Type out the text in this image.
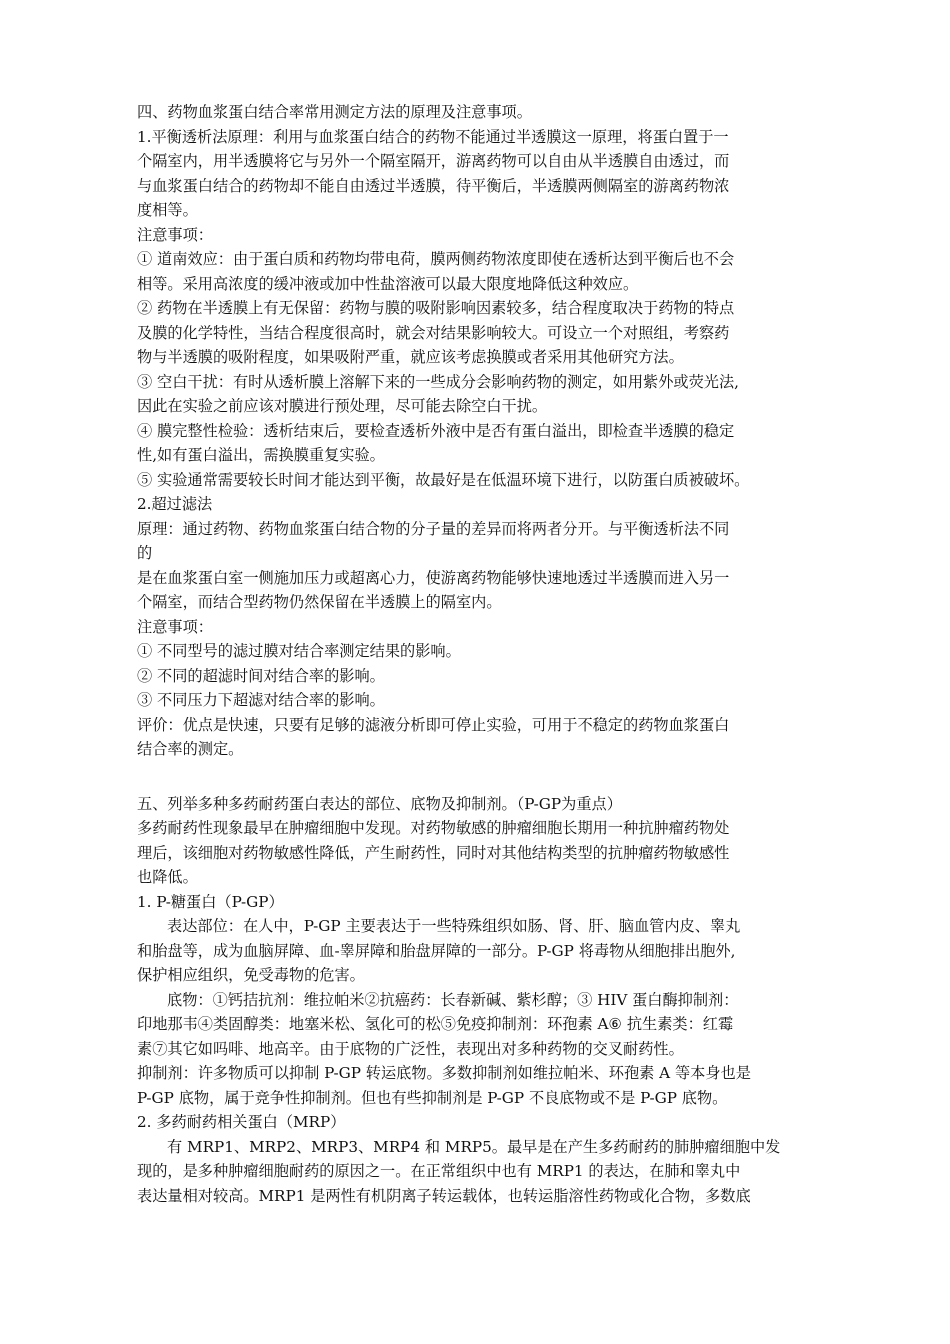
四、药物血浆蛋白结合率常用测定方法的原理及注意事项。
1.平衡透析法原理：利用与血浆蛋白结合的药物不能通过半透膜这一原理，将蛋白置于一
个隔室内，用半透膜将它与另外一个隔室隔开，游离药物可以自由从半透膜自由透过，而
与血浆蛋白结合的药物却不能自由透过半透膜，待平衡后，半透膜两侧隔室的游离药物浓
度相等。
注意事项：
① 道南效应：由于蛋白质和药物均带电荷，膜两侧药物浓度即使在透析达到平衡后也不会
相等。采用高浓度的缓冲液或加中性盐溶液可以最大限度地降低这种效应。
② 药物在半透膜上有无保留：药物与膜的吸附影响因素较多，结合程度取决于药物的特点
及膜的化学特性，当结合程度很高时，就会对结果影响较大。可设立一个对照组，考察药
物与半透膜的吸附程度，如果吸附严重，就应该考虑换膜或者采用其他研究方法。
③ 空白干扰：有时从透析膜上溶解下来的一些成分会影响药物的测定，如用紫外或荧光法,
因此在实验之前应该对膜进行预处理，尽可能去除空白干扰。
④ 膜完整性检验：透析结束后，要检查透析外液中是否有蛋白溢出，即检查半透膜的稳定
性,如有蛋白溢出，需换膜重复实验。
⑤ 实验通常需要较长时间才能达到平衡，故最好是在低温环境下进行，以防蛋白质被破坏。
2.超过滤法
原理：通过药物、药物血浆蛋白结合物的分子量的差异而将两者分开。与平衡透析法不同
的
是在血浆蛋白室一侧施加压力或超离心力，使游离药物能够快速地透过半透膜而进入另一
个隔室，而结合型药物仍然保留在半透膜上的隔室内。
注意事项：
① 不同型号的滤过膜对结合率测定结果的影响。
② 不同的超滤时间对结合率的影响。
③ 不同压力下超滤对结合率的影响。
评价：优点是快速，只要有足够的滤液分析即可停止实验，可用于不稳定的药物血浆蛋白
结合率的测定。
五、列举多种多药耐药蛋白表达的部位、底物及抑制剂。（P-GP为重点）
多药耐药性现象最早在肿瘤细胞中发现。对药物敏感的肿瘤细胞长期用一种抗肿瘤药物处
理后，该细胞对药物敏感性降低，产生耐药性，同时对其他结构类型的抗肿瘤药物敏感性
也降低。
1. P-糖蛋白（P-GP）
表达部位：在人中，P-GP 主要表达于一些特殊组织如肠、肾、肝、脑血管内皮、睾丸
和胎盘等，成为血脑屏障、血-睾屏障和胎盘屏障的一部分。P-GP 将毒物从细胞排出胞外,
保护相应组织，免受毒物的危害。
底物：①钙拮抗剂：维拉帕米②抗癌药：长春新碱、紫杉醇；③ HIV 蛋白酶抑制剂：
印地那韦④类固醇类：地塞米松、氢化可的松⑤免疫抑制剂：环孢素 A⑥ 抗生素类：红霉
素⑦其它如吗啡、地高辛。由于底物的广泛性，表现出对多种药物的交叉耐药性。
抑制剂：许多物质可以抑制 P-GP 转运底物。多数抑制剂如维拉帕米、环孢素 A 等本身也是
P-GP 底物，属于竞争性抑制剂。但也有些抑制剂是 P-GP 不良底物或不是 P-GP 底物。
2. 多药耐药相关蛋白（MRP）
有 MRP1、MRP2、MRP3、MRP4 和 MRP5。最早是在产生多药耐药的肺肿瘤细胞中发
现的，是多种肿瘤细胞耐药的原因之一。在正常组织中也有 MRP1 的表达，在肺和睾丸中
表达量相对较高。MRP1 是两性有机阴离子转运载体，也转运脂溶性药物或化合物，多数底
